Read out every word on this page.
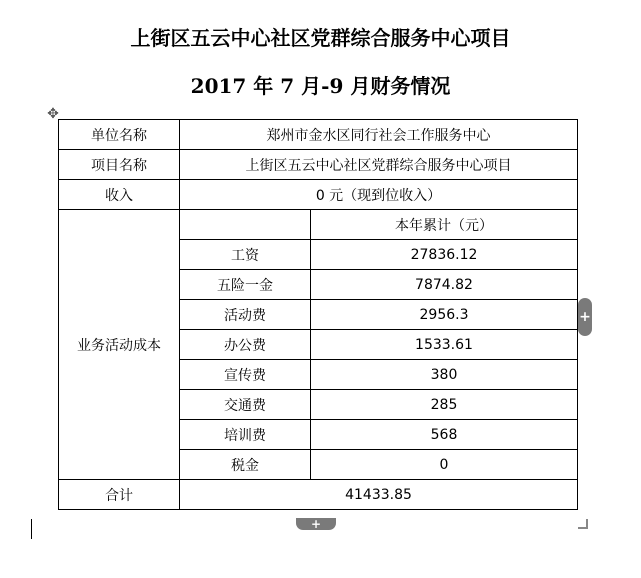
上街区五云中心社区党群综合服务中心项目
2017 年 7 月-9 月财务情况
✥
单位名称	郑州市金水区同行社会工作服务中心	
项目名称	上街区五云中心社区党群综合服务中心项目	
收入	0 元（现到位收入）	
业务活动成本		本年累计（元）
	工资	27836.12
	五险一金	7874.82
	活动费	2956.3
	办公费	1533.61
	宣传费	380
	交通费	285
	培训费	568
	税金	0
合计	41433.85	
+
+
